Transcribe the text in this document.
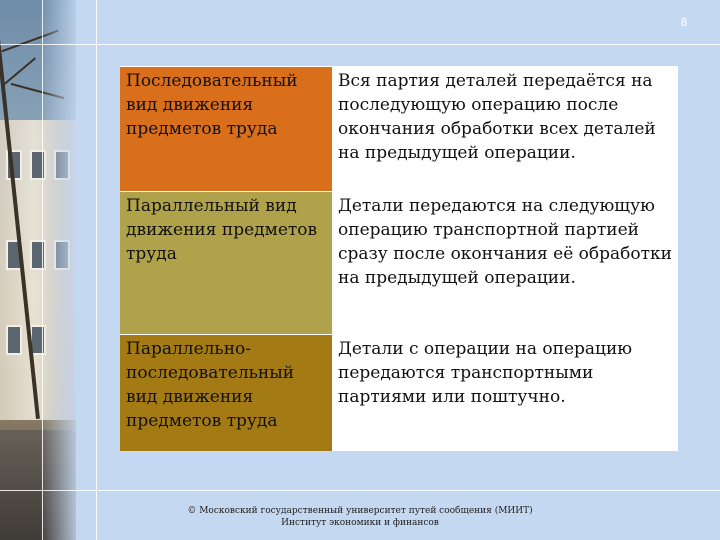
8
Последовательный вид движения предметов труда	Вся партия деталей передаётся на последующую операцию после окончания обработки всех деталей на предыдущей операции.
Параллельный вид движения предметов труда	Детали передаются на следующую операцию транспортной партией сразу после окончания её обработки на предыдущей операции.
Параллельно-последовательный вид движения предметов труда	Детали с операции на операцию передаются транспортными партиями или поштучно.
© Московский государственный университет путей сообщения (МИИТ)
Институт экономики и финансов
